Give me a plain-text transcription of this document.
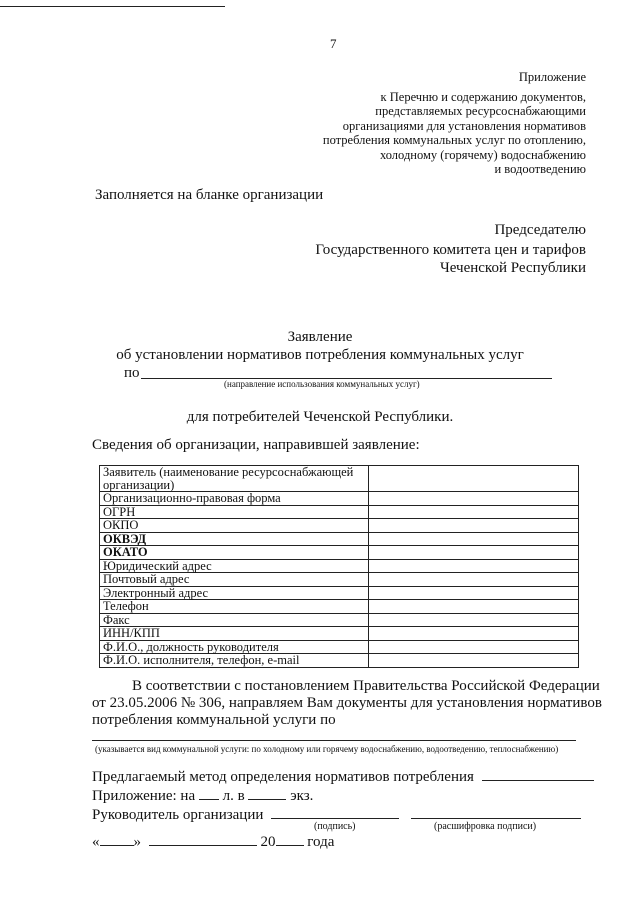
7
Приложение
к Перечню и содержанию документов,
представляемых ресурсоснабжающими
организациями для установления нормативов
потребления коммунальных услуг по отоплению,
холодному (горячему) водоснабжению
и водоотведению
Заполняется на бланке организации
Председателю
Государственного комитета цен и тарифов
Чеченской Республики
Заявление
об установлении нормативов потребления коммунальных услуг
по
(направление использования коммунальных услуг)
для потребителей Чеченской Республики.
Сведения об организации, направившей заявление:
Заявитель (наименование ресурсоснабжающей организации)	
Организационно-правовая форма	
ОГРН	
ОКПО	
ОКВЭД	
ОКАТО	
Юридический адрес	
Почтовый адрес	
Электронный адрес	
Телефон	
Факс	
ИНН/КПП	
Ф.И.О., должность руководителя	
Ф.И.О. исполнителя, телефон, e-mail	
В соответствии с постановлением Правительства Российской Федерации
от 23.05.2006 № 306, направляем Вам документы для установления нормативов
потребления коммунальной услуги по
(указывается вид коммунальной услуги: по холодному или горячему водоснабжению, водоотведению, теплоснабжению)
Предлагаемый метод определения нормативов потребления
Приложение: на л. в	экз.
Руководитель организации
(подпись)	(расшифровка подписи)
« »	20 года
